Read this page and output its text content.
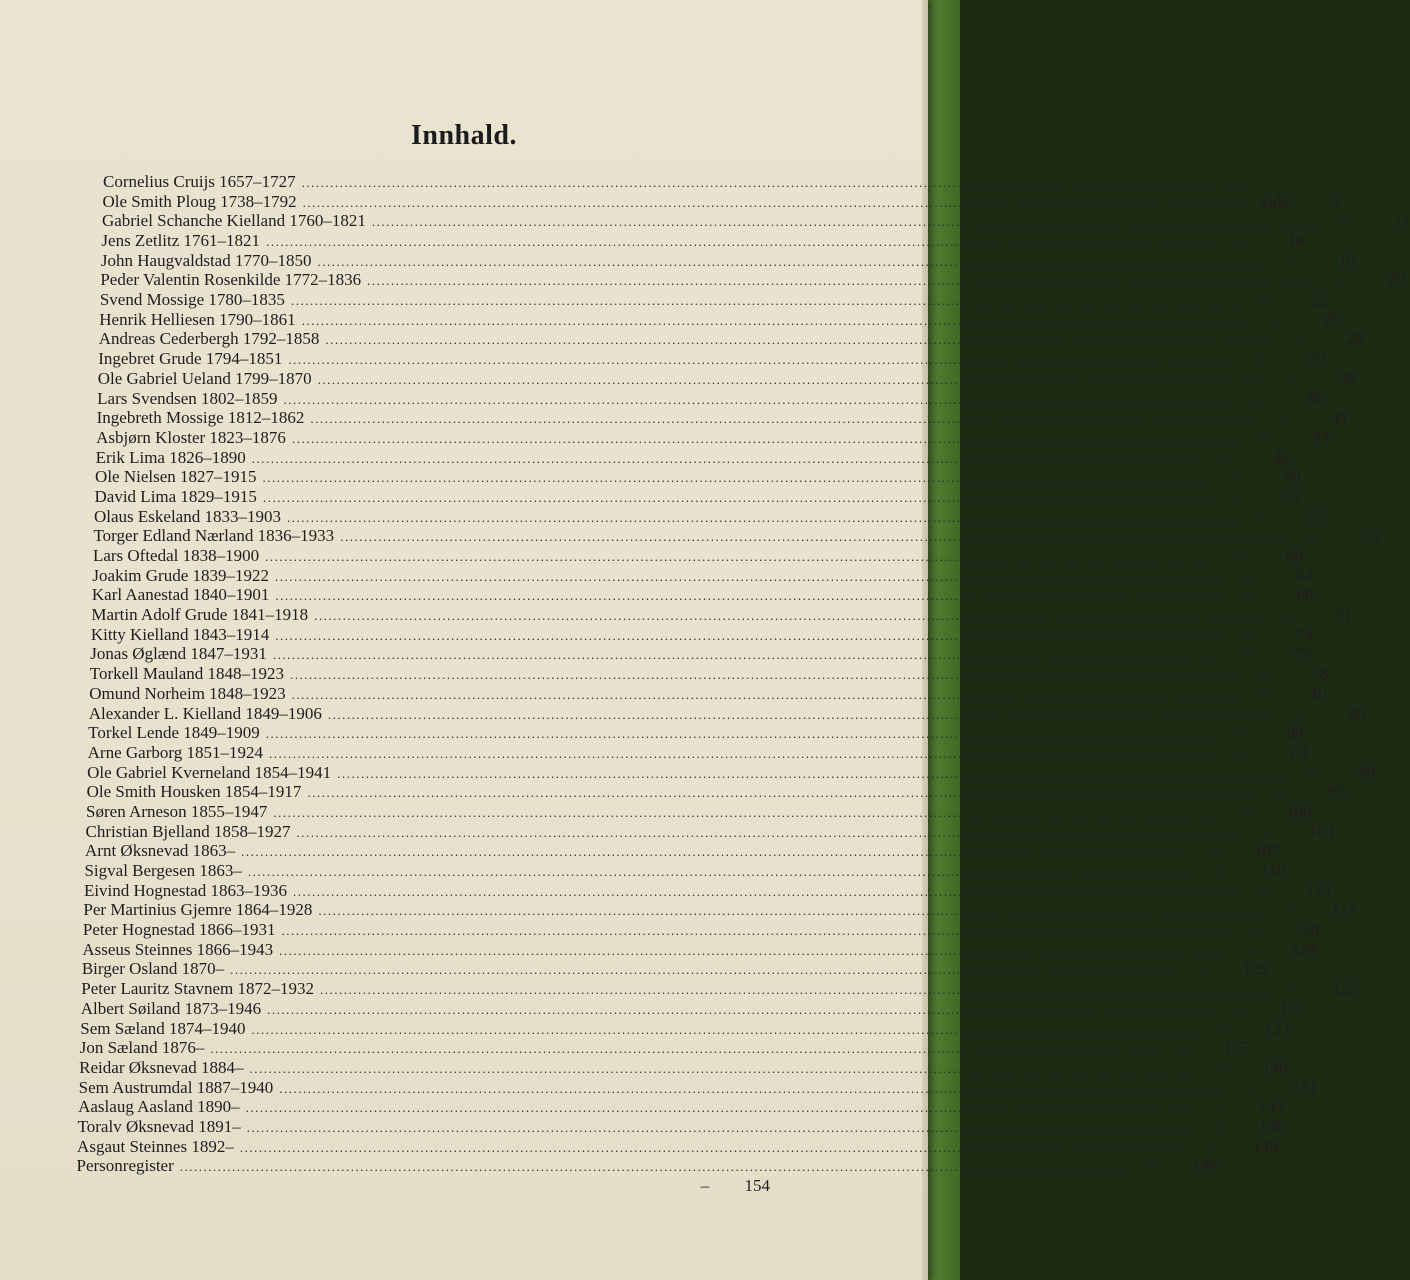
Innhald.
Cornelius Cruijs 1657–1727 ........................................................................................................................................................................................................
Ole Smith Ploug 1738–1792 ........................................................................................................................................................................................................ side	9
Gabriel Schanche Kielland 1760–1821 ........................................................................................................................................................................................................	–	11
Jens Zetlitz 1761–1821 ........................................................................................................................................................................................................	–	14
John Haugvaldstad 1770–1850 ........................................................................................................................................................................................................	–	18
Peder Valentin Rosenkilde 1772–1836 ........................................................................................................................................................................................................	–	20
Svend Mossige 1780–1835 ........................................................................................................................................................................................................	–	22
Henrik Helliesen 1790–1861 ........................................................................................................................................................................................................	–	25
Andreas Cederbergh 1792–1858 ........................................................................................................................................................................................................	–	29
Ingebret Grude 1794–1851 ........................................................................................................................................................................................................	–	32
Ole Gabriel Ueland 1799–1870 ........................................................................................................................................................................................................	–	35
Lars Svendsen 1802–1859 ........................................................................................................................................................................................................	–	38
Ingebreth Mossige 1812–1862 ........................................................................................................................................................................................................	–	41
Asbjørn Kloster 1823–1876 ........................................................................................................................................................................................................	–	44
Erik Lima 1826–1890 ........................................................................................................................................................................................................	–	46
Ole Nielsen 1827–1915 ........................................................................................................................................................................................................	–	49
David Lima 1829–1915 ........................................................................................................................................................................................................	–	52
Olaus Eskeland 1833–1903 ........................................................................................................................................................................................................	–	55
Torger Edland Nærland 1836–1933 ........................................................................................................................................................................................................	–	56
Lars Oftedal 1838–1900 ........................................................................................................................................................................................................	–	60
Joakim Grude 1839–1922 ........................................................................................................................................................................................................	–	64
Karl Aanestad 1840–1901 ........................................................................................................................................................................................................	–	68
Martin Adolf Grude 1841–1918 ........................................................................................................................................................................................................	–	71
Kitty Kielland 1843–1914 ........................................................................................................................................................................................................	–	74
Jonas Øglænd 1847–1931 ........................................................................................................................................................................................................	–	75
Torkell Mauland 1848–1923 ........................................................................................................................................................................................................	–	78
Omund Norheim 1848–1923 ........................................................................................................................................................................................................	–	81
Alexander L. Kielland 1849–1906 ........................................................................................................................................................................................................	–	85
Torkel Lende 1849–1909 ........................................................................................................................................................................................................	–	88
Arne Garborg 1851–1924 ........................................................................................................................................................................................................	–	89
Ole Gabriel Kverneland 1854–1941 ........................................................................................................................................................................................................	–	90
Ole Smith Housken 1854–1917 ........................................................................................................................................................................................................	–	95
Søren Arneson 1855–1947 ........................................................................................................................................................................................................	–	100
Christian Bjelland 1858–1927 ........................................................................................................................................................................................................	–	103
Arnt Øksnevad 1863– ........................................................................................................................................................................................................	–	107
Sigval Bergesen 1863– ........................................................................................................................................................................................................	–	110
Eivind Hognestad 1863–1936 ........................................................................................................................................................................................................	–	114
Per Martinius Gjemre 1864–1928 ........................................................................................................................................................................................................	–	117
Peter Hognestad 1866–1931 ........................................................................................................................................................................................................	–	120
Asseus Steinnes 1866–1943 ........................................................................................................................................................................................................	–	124
Birger Osland 1870– ........................................................................................................................................................................................................	–	125
Peter Lauritz Stavnem 1872–1932 ........................................................................................................................................................................................................	–	127
Albert Søiland 1873–1946 ........................................................................................................................................................................................................	–	132
Sem Sæland 1874–1940 ........................................................................................................................................................................................................	–	133
Jon Sæland 1876– ........................................................................................................................................................................................................	–	137
Reidar Øksnevad 1884– ........................................................................................................................................................................................................	–	140
Sem Austrumdal 1887–1940 ........................................................................................................................................................................................................	–	141
Aaslaug Aasland 1890– ........................................................................................................................................................................................................	–	143
Toralv Øksnevad 1891– ........................................................................................................................................................................................................	–	146
Asgaut Steinnes 1892– ........................................................................................................................................................................................................	–	149
Personregister ........................................................................................................................................................................................................	–	149
–	154
